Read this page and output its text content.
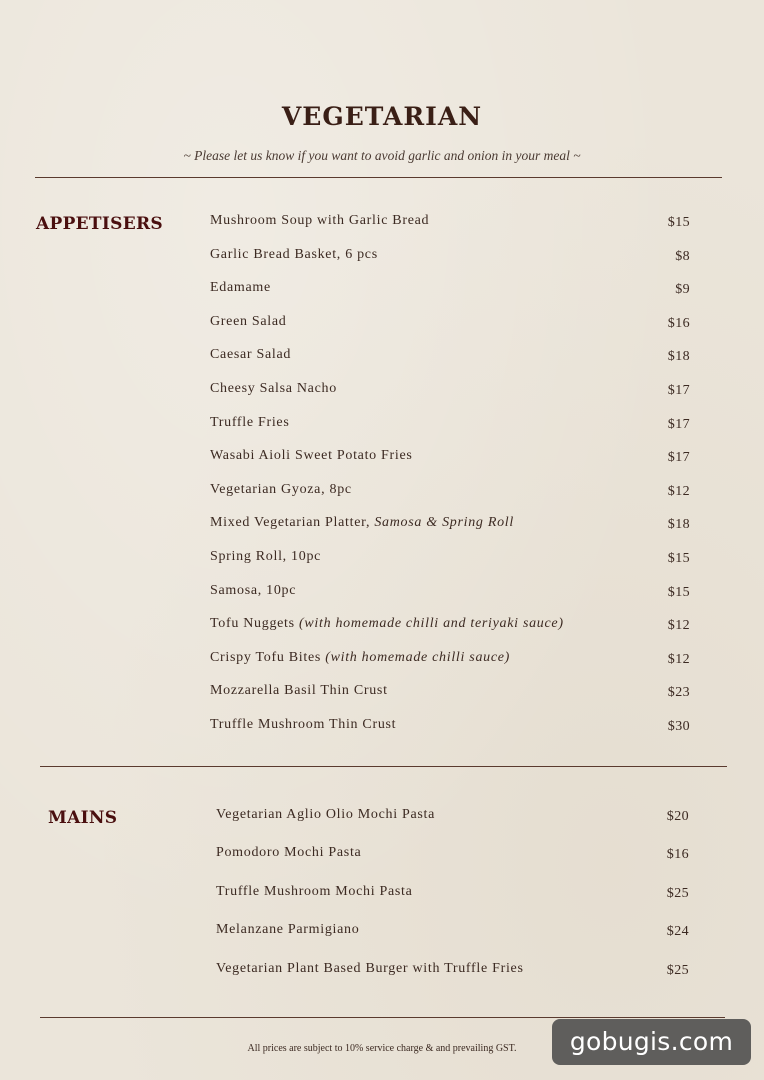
VEGETARIAN
~ Please let us know if you want to avoid garlic and onion in your meal ~
APPETISERS	Mushroom Soup with Garlic Bread	$15
Garlic Bread Basket, 6 pcs	$8
Edamame	$9
Green Salad	$16
Caesar Salad	$18
Cheesy Salsa Nacho	$17
Truffle Fries	$17
Wasabi Aioli Sweet Potato Fries	$17
Vegetarian Gyoza, 8pc	$12
Mixed Vegetarian Platter, Samosa & Spring Roll	$18
Spring Roll, 10pc	$15
Samosa, 10pc	$15
Tofu Nuggets (with homemade chilli and teriyaki sauce)	$12
Crispy Tofu Bites (with homemade chilli sauce)	$12
Mozzarella Basil Thin Crust	$23
Truffle Mushroom Thin Crust	$30
MAINS	Vegetarian Aglio Olio Mochi Pasta	$20
Pomodoro Mochi Pasta	$16
Truffle Mushroom Mochi Pasta	$25
Melanzane Parmigiano	$24
Vegetarian Plant Based Burger with Truffle Fries	$25
All prices are subject to 10% service charge & and prevailing GST.	gobugis.com
